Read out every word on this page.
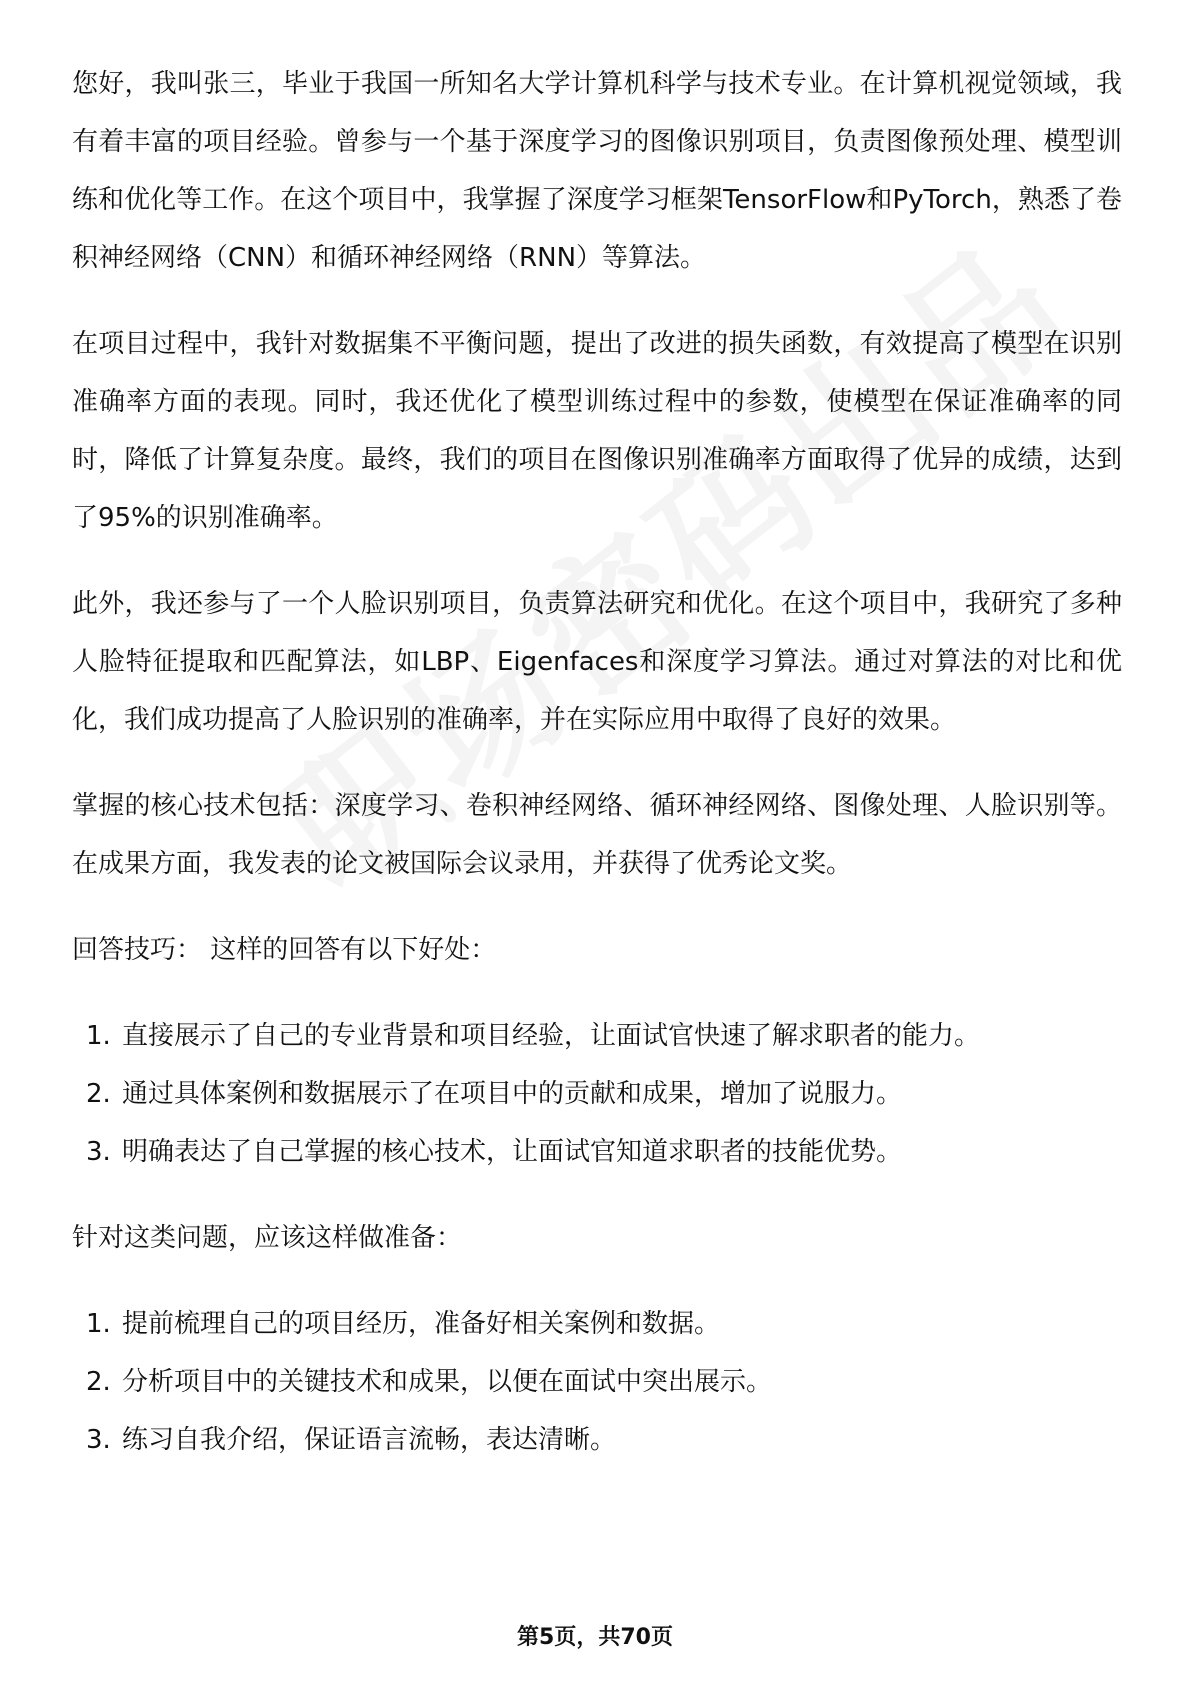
您好，我叫张三，毕业于我国一所知名大学计算机科学与技术专业。在计算机视觉领域，我有着丰富的项目经验。曾参与一个基于深度学习的图像识别项目，负责图像预处理、模型训练和优化等工作。在这个项目中，我掌握了深度学习框架TensorFlow和PyTorch，熟悉了卷积神经网络（CNN）和循环神经网络（RNN）等算法。

在项目过程中，我针对数据集不平衡问题，提出了改进的损失函数，有效提高了模型在识别准确率方面的表现。同时，我还优化了模型训练过程中的参数，使模型在保证准确率的同时，降低了计算复杂度。最终，我们的项目在图像识别准确率方面取得了优异的成绩，达到了95%的识别准确率。

此外，我还参与了一个人脸识别项目，负责算法研究和优化。在这个项目中，我研究了多种人脸特征提取和匹配算法，如LBP、Eigenfaces和深度学习算法。通过对算法的对比和优化，我们成功提高了人脸识别的准确率，并在实际应用中取得了良好的效果。

掌握的核心技术包括：深度学习、卷积神经网络、循环神经网络、图像处理、人脸识别等。在成果方面，我发表的论文被国际会议录用，并获得了优秀论文奖。

回答技巧： 这样的回答有以下好处：
1. 直接展示了自己的专业背景和项目经验，让面试官快速了解求职者的能力。
2. 通过具体案例和数据展示了在项目中的贡献和成果，增加了说服力。
3. 明确表达了自己掌握的核心技术，让面试官知道求职者的技能优势。
针对这类问题，应该这样做准备：
1. 提前梳理自己的项目经历，准备好相关案例和数据。
2. 分析项目中的关键技术和成果，以便在面试中突出展示。
3. 练习自我介绍，保证语言流畅，表达清晰。
第5页，共70页
